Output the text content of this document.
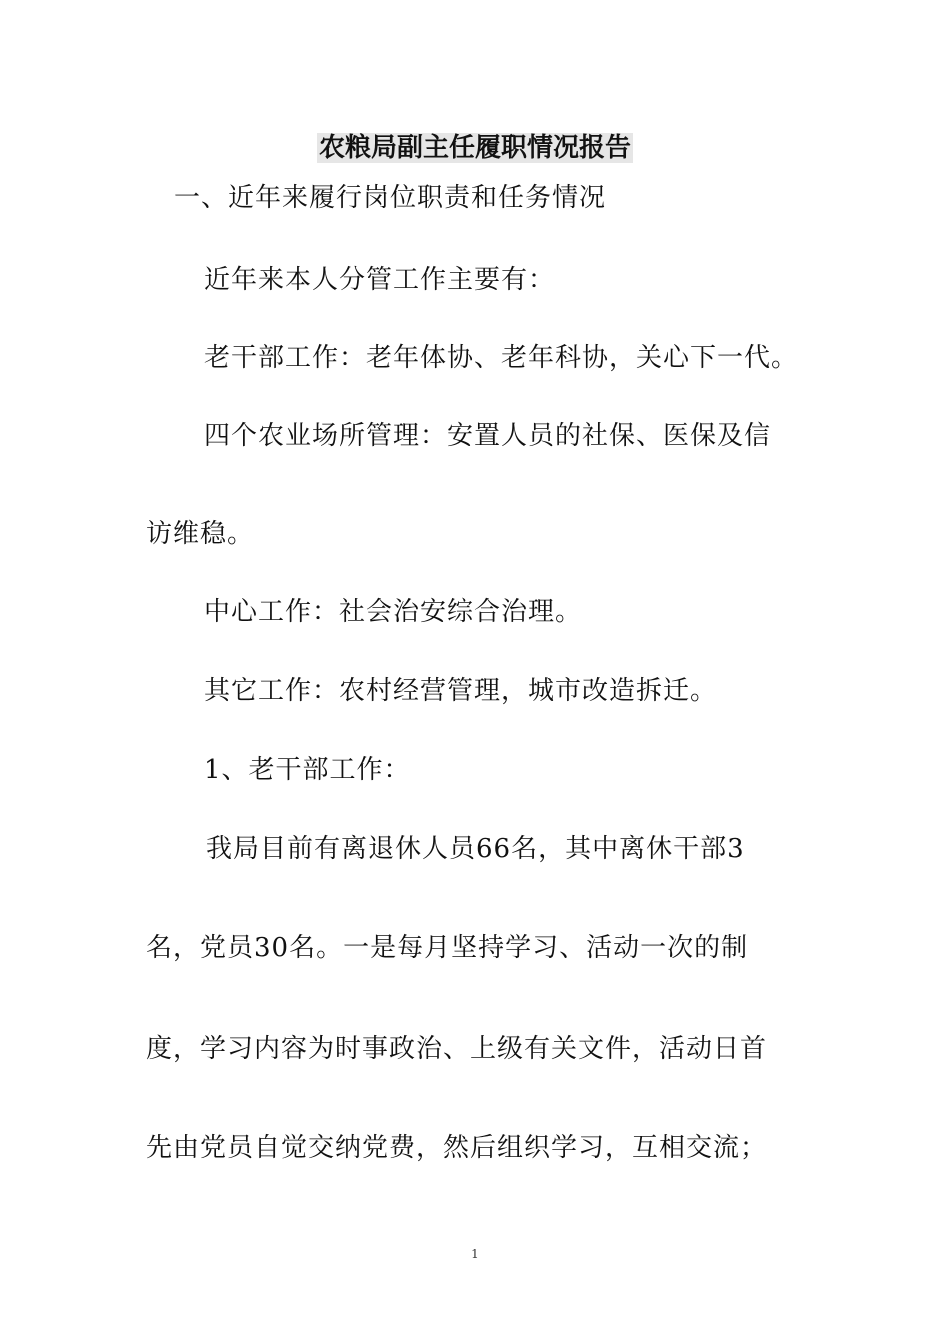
农粮局副主任履职情况报告
一、近年来履行岗位职责和任务情况
近年来本人分管工作主要有：
老干部工作：老年体协、老年科协，关心下一代。
四个农业场所管理：安置人员的社保、医保及信
访维稳。
中心工作：社会治安综合治理。
其它工作：农村经营管理，城市改造拆迁。
1、老干部工作：
我局目前有离退休人员66名，其中离休干部3
名，党员30名。一是每月坚持学习、活动一次的制
度，学习内容为时事政治、上级有关文件，活动日首
先由党员自觉交纳党费，然后组织学习，互相交流；
1
